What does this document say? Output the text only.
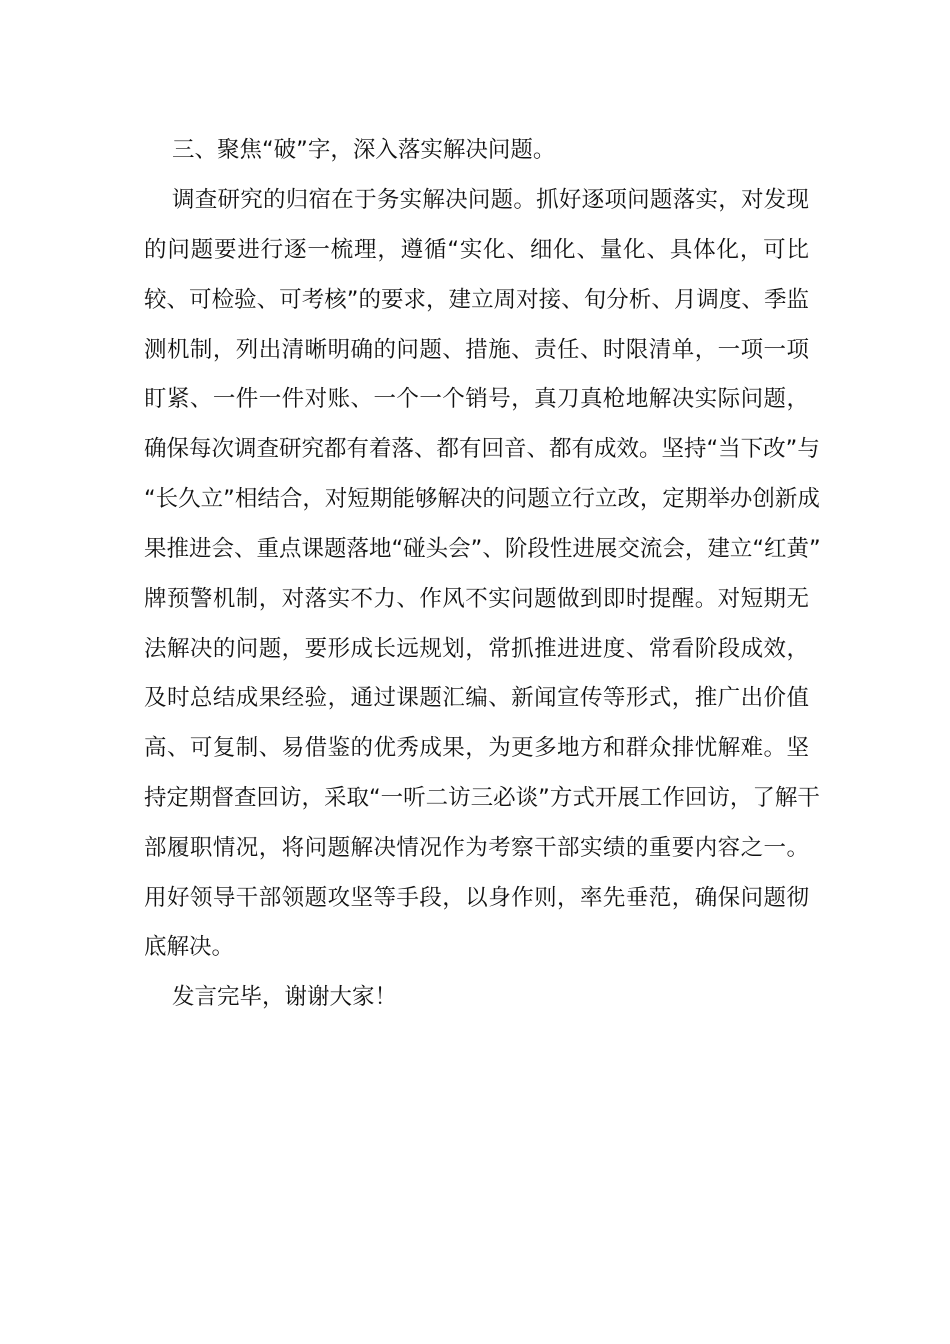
三、聚焦“破”字，深入落实解决问题。
调查研究的归宿在于务实解决问题。抓好逐项问题落实，对发现
的问题要进行逐一梳理，遵循“实化、细化、量化、具体化，可比
较、可检验、可考核”的要求，建立周对接、旬分析、月调度、季监
测机制，列出清晰明确的问题、措施、责任、时限清单，一项一项
盯紧、一件一件对账、一个一个销号，真刀真枪地解决实际问题，
确保每次调查研究都有着落、都有回音、都有成效。坚持“当下改”与
“长久立”相结合，对短期能够解决的问题立行立改，定期举办创新成
果推进会、重点课题落地“碰头会”、阶段性进展交流会，建立“红黄”
牌预警机制，对落实不力、作风不实问题做到即时提醒。对短期无
法解决的问题，要形成长远规划，常抓推进进度、常看阶段成效，
及时总结成果经验，通过课题汇编、新闻宣传等形式，推广出价值
高、可复制、易借鉴的优秀成果，为更多地方和群众排忧解难。坚
持定期督查回访，采取“一听二访三必谈”方式开展工作回访，了解干
部履职情况，将问题解决情况作为考察干部实绩的重要内容之一。
用好领导干部领题攻坚等手段，以身作则，率先垂范，确保问题彻
底解决。
发言完毕，谢谢大家！
